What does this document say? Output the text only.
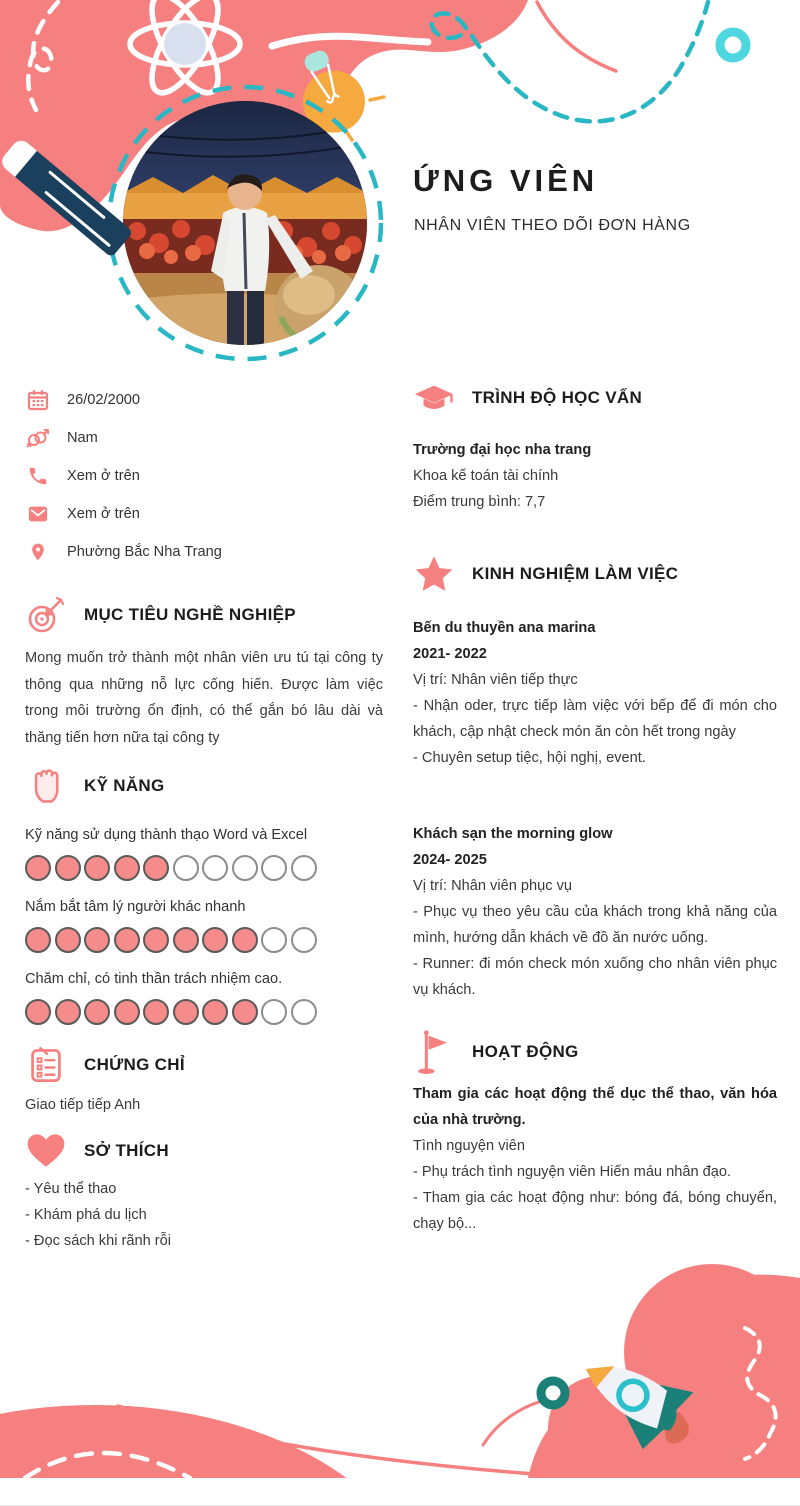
ỨNG VIÊN
NHÂN VIÊN THEO DÕI ĐƠN HÀNG
26/02/2000
Nam
Xem ở trên
Xem ở trên
Phường Bắc Nha Trang
MỤC TIÊU NGHỀ NGHIỆP

Mong muốn trở thành một nhân viên ưu tú tại công ty thông qua những nỗ lực cống hiến. Được làm việc trong môi trường ổn định, có thể gắn bó lâu dài và thăng tiến hơn nữa tại công ty

KỸ NĂNG
Kỹ năng sử dụng thành thạo Word và Excel
Nắm bắt tâm lý người khác nhanh
Chăm chỉ, có tinh thần trách nhiệm cao.
CHỨNG CHỈ

Giao tiếp tiếp Anh

SỞ THÍCH

- Yêu thể thao

- Khám phá du lịch

- Đọc sách khi rãnh rỗi

TRÌNH ĐỘ HỌC VẤN

Trường đại học nha trang

Khoa kế toán tài chính

Điểm trung bình: 7,7

KINH NGHIỆM LÀM VIỆC

Bến du thuyền ana marina

2021- 2022

Vị trí: Nhân viên tiếp thực

- Nhận oder, trực tiếp làm việc với bếp để đi món cho khách, cập nhật check món ăn còn hết trong ngày

- Chuyên setup tiệc, hội nghị, event.

Khách sạn the morning glow

2024- 2025

Vị trí: Nhân viên phục vụ

- Phục vụ theo yêu cầu của khách trong khả năng của mình, hướng dẫn khách về đồ ăn nước uống.

- Runner: đi món check món xuống cho nhân viên phục vụ khách.

HOẠT ĐỘNG

Tham gia các hoạt động thể dục thể thao, văn hóa của nhà trường.

Tình nguyện viên

- Phụ trách tình nguyện viên Hiến máu nhân đạo.

- Tham gia các hoạt động như: bóng đá, bóng chuyển, chạy bộ...
